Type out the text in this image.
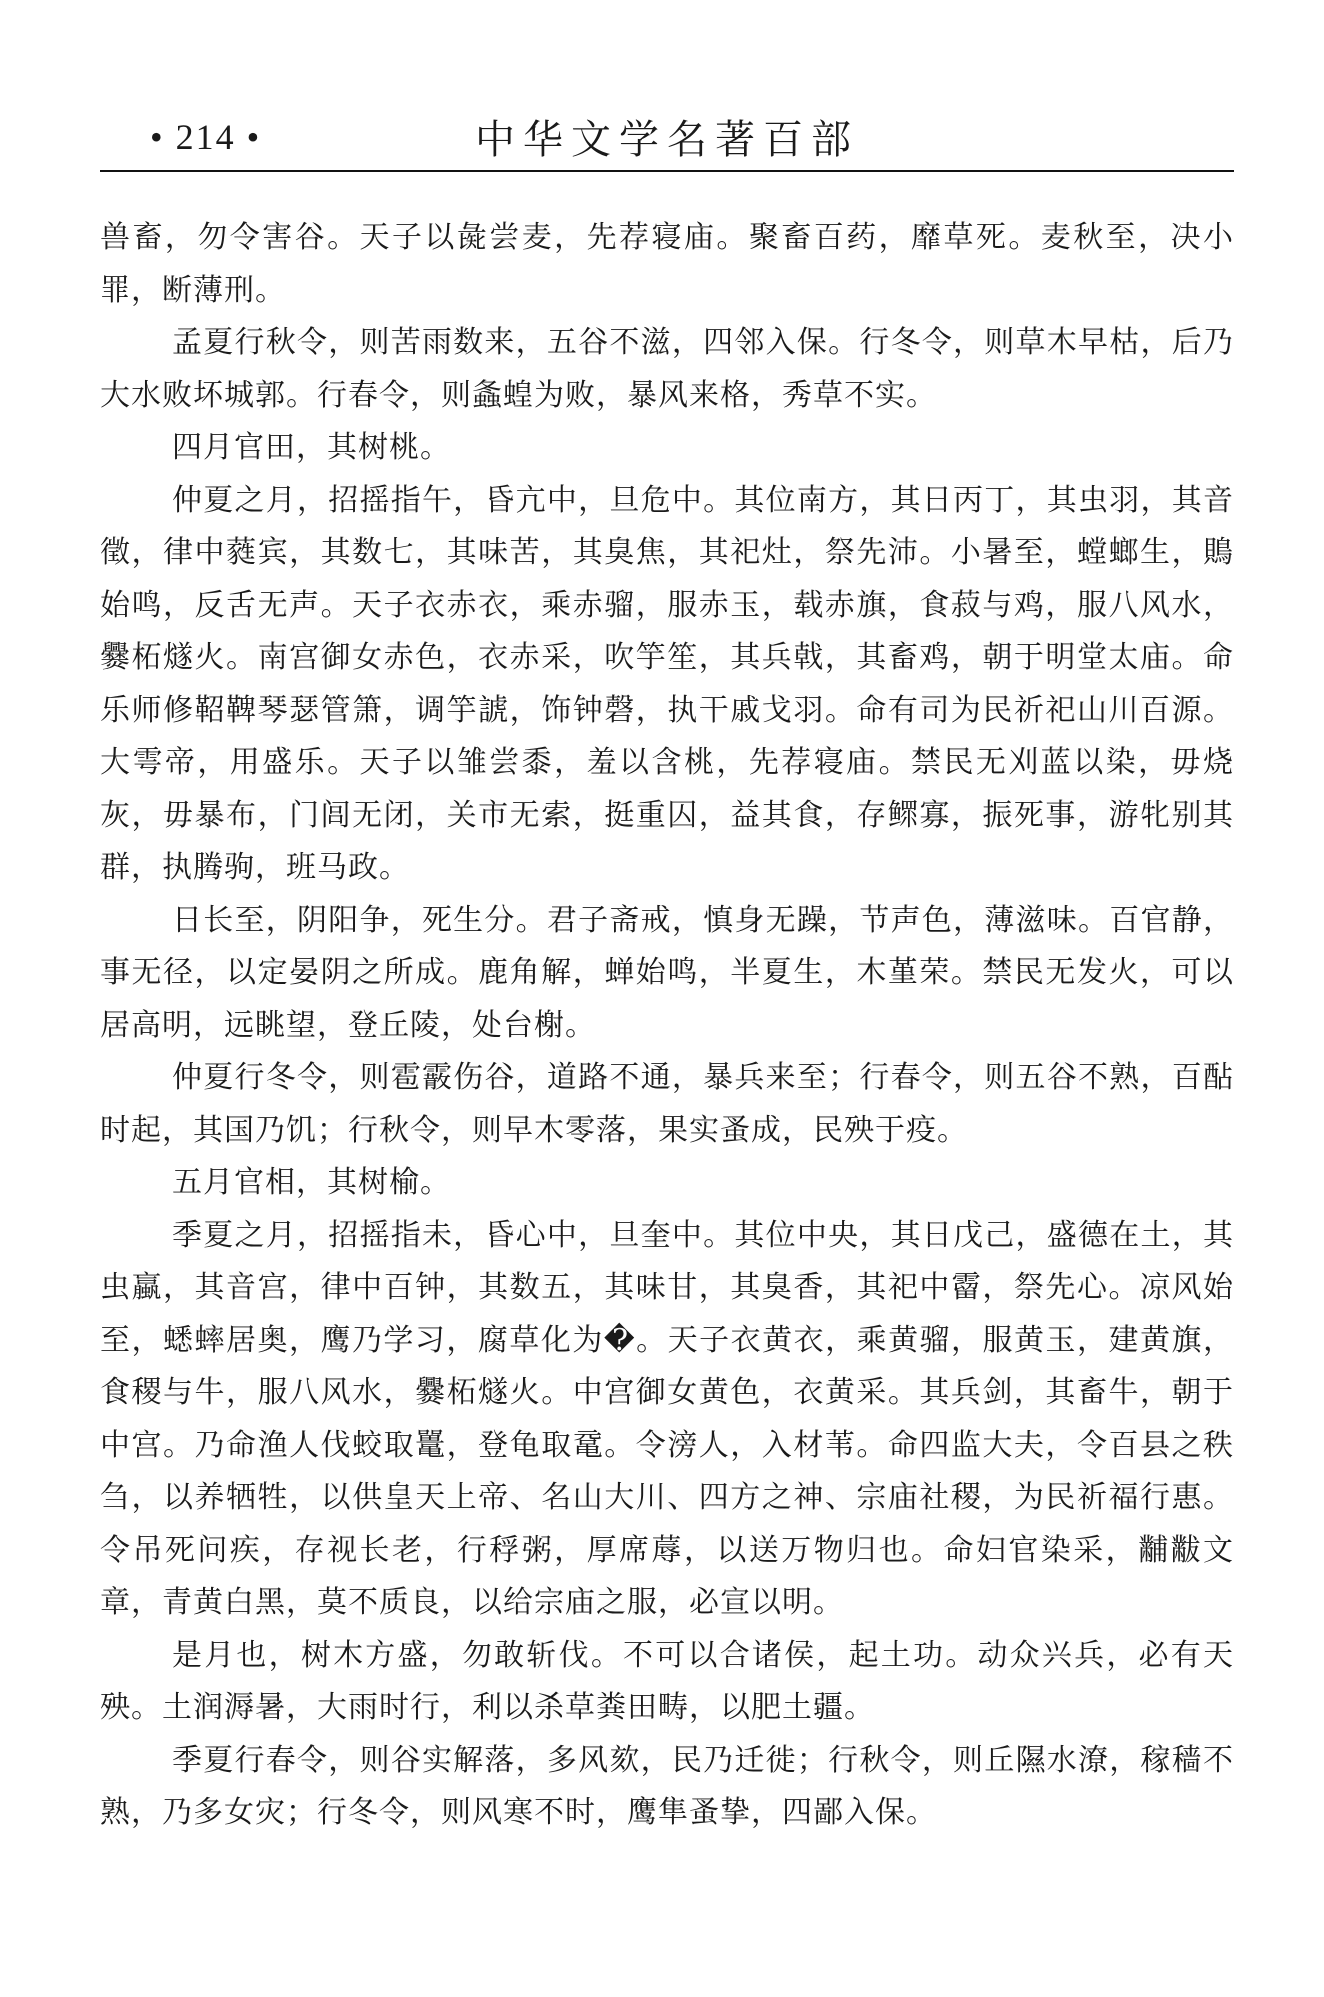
• 214 •	中华文学名著百部

兽畜，勿令害谷。天子以彘尝麦，先荐寝庙。聚畜百药，靡草死。麦秋至，决小罪，断薄刑。

孟夏行秋令，则苦雨数来，五谷不滋，四邻入保。行冬令，则草木早枯，后乃大水败坏城郭。行春令，则螽蝗为败，暴风来格，秀草不实。

四月官田，其树桃。

仲夏之月，招摇指午，昏亢中，旦危中。其位南方，其日丙丁，其虫羽，其音徵，律中蕤宾，其数七，其味苦，其臭焦，其祀灶，祭先沛。小暑至，螳螂生，鵙始鸣，反舌无声。天子衣赤衣，乘赤骝，服赤玉，载赤旗，食菽与鸡，服八风水，爨柘燧火。南宫御女赤色，衣赤采，吹竽笙，其兵戟，其畜鸡，朝于明堂太庙。命乐师修鞀鞞琴瑟管箫，调竽諕，饰钟磬，执干戚戈羽。命有司为民祈祀山川百源。大雩帝，用盛乐。天子以雏尝黍，羞以含桃，先荐寝庙。禁民无刈蓝以染，毋烧灰，毋暴布，门闾无闭，关市无索，挺重囚，益其食，存鳏寡，振死事，游牝别其群，执腾驹，班马政。

日长至，阴阳争，死生分。君子斋戒，慎身无躁，节声色，薄滋味。百官静，事无径，以定晏阴之所成。鹿角解，蝉始鸣，半夏生，木堇荣。禁民无发火，可以居高明，远眺望，登丘陵，处台榭。

仲夏行冬令，则雹霰伤谷，道路不通，暴兵来至；行春令，则五谷不熟，百酟时起，其国乃饥；行秋令，则早木零落，果实蚤成，民殃于疫。

五月官相，其树榆。

季夏之月，招摇指未，昏心中，旦奎中。其位中央，其日戊己，盛德在土，其虫蠃，其音宫，律中百钟，其数五，其味甘，其臭香，其祀中霤，祭先心。凉风始至，蟋蟀居奥，鹰乃学习，腐草化为�。天子衣黄衣，乘黄骝，服黄玉，建黄旗，食稷与牛，服八风水，爨柘燧火。中宫御女黄色，衣黄采。其兵剑，其畜牛，朝于中宫。乃命渔人伐蛟取鼍，登龟取鼋。令滂人，入材苇。命四监大夫，令百县之秩刍，以养牺牲，以供皇天上帝、名山大川、四方之神、宗庙社稷，为民祈福行惠。令吊死问疾，存视长老，行稃粥，厚席蓐，以送万物归也。命妇官染采，黼黻文章，青黄白黑，莫不质良，以给宗庙之服，必宣以明。

是月也，树木方盛，勿敢斩伐。不可以合诸侯，起土功。动众兴兵，必有天殃。土润溽暑，大雨时行，利以杀草粪田畴，以肥土疆。

季夏行春令，则谷实解落，多风欬，民乃迁徙；行秋令，则丘隰水潦，稼穑不熟，乃多女灾；行冬令，则风寒不时，鹰隼蚤挚，四鄙入保。
